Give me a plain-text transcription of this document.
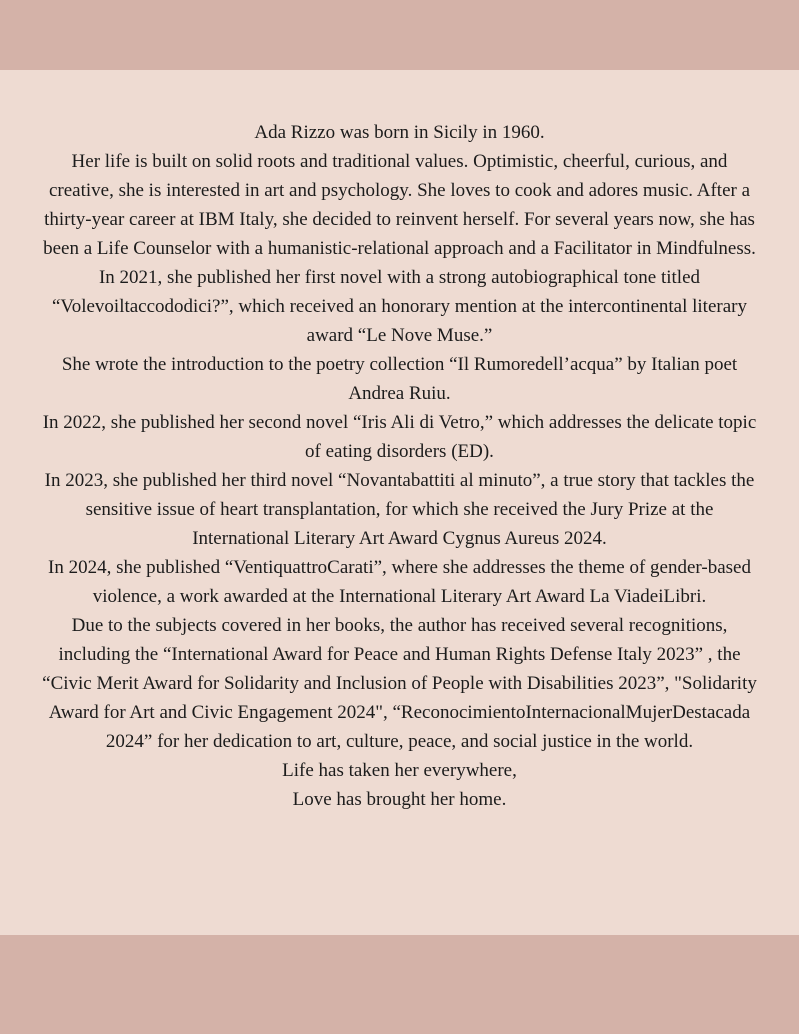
Ada Rizzo was born in Sicily in 1960.

Her life is built on solid roots and traditional values. Optimistic, cheerful, curious, and creative, she is interested in art and psychology. She loves to cook and adores music. After a thirty-year career at IBM Italy, she decided to reinvent herself. For several years now, she has been a Life Counselor with a humanistic-relational approach and a Facilitator in Mindfulness.

In 2021, she published her first novel with a strong autobiographical tone titled “Volevoiltaccododici?”, which received an honorary mention at the intercontinental literary award “Le Nove Muse.”

She wrote the introduction to the poetry collection “Il Rumoredell’acqua” by Italian poet Andrea Ruiu.

In 2022, she published her second novel “Iris Ali di Vetro,” which addresses the delicate topic of eating disorders (ED).

In 2023, she published her third novel “Novantabattiti al minuto”, a true story that tackles the sensitive issue of heart transplantation, for which she received the Jury Prize at the International Literary Art Award Cygnus Aureus 2024.

In 2024, she published “VentiquattroCarati”, where she addresses the theme of gender-based violence, a work awarded at the International Literary Art Award La ViadeiLibri.

Due to the subjects covered in her books, the author has received several recognitions, including the “International Award for Peace and Human Rights Defense Italy 2023” , the “Civic Merit Award for Solidarity and Inclusion of People with Disabilities 2023”, "Solidarity Award for Art and Civic Engagement 2024", “ReconocimientoInternacionalMujerDestacada 2024” for her dedication to art, culture, peace, and social justice in the world.

Life has taken her everywhere,

Love has brought her home.
